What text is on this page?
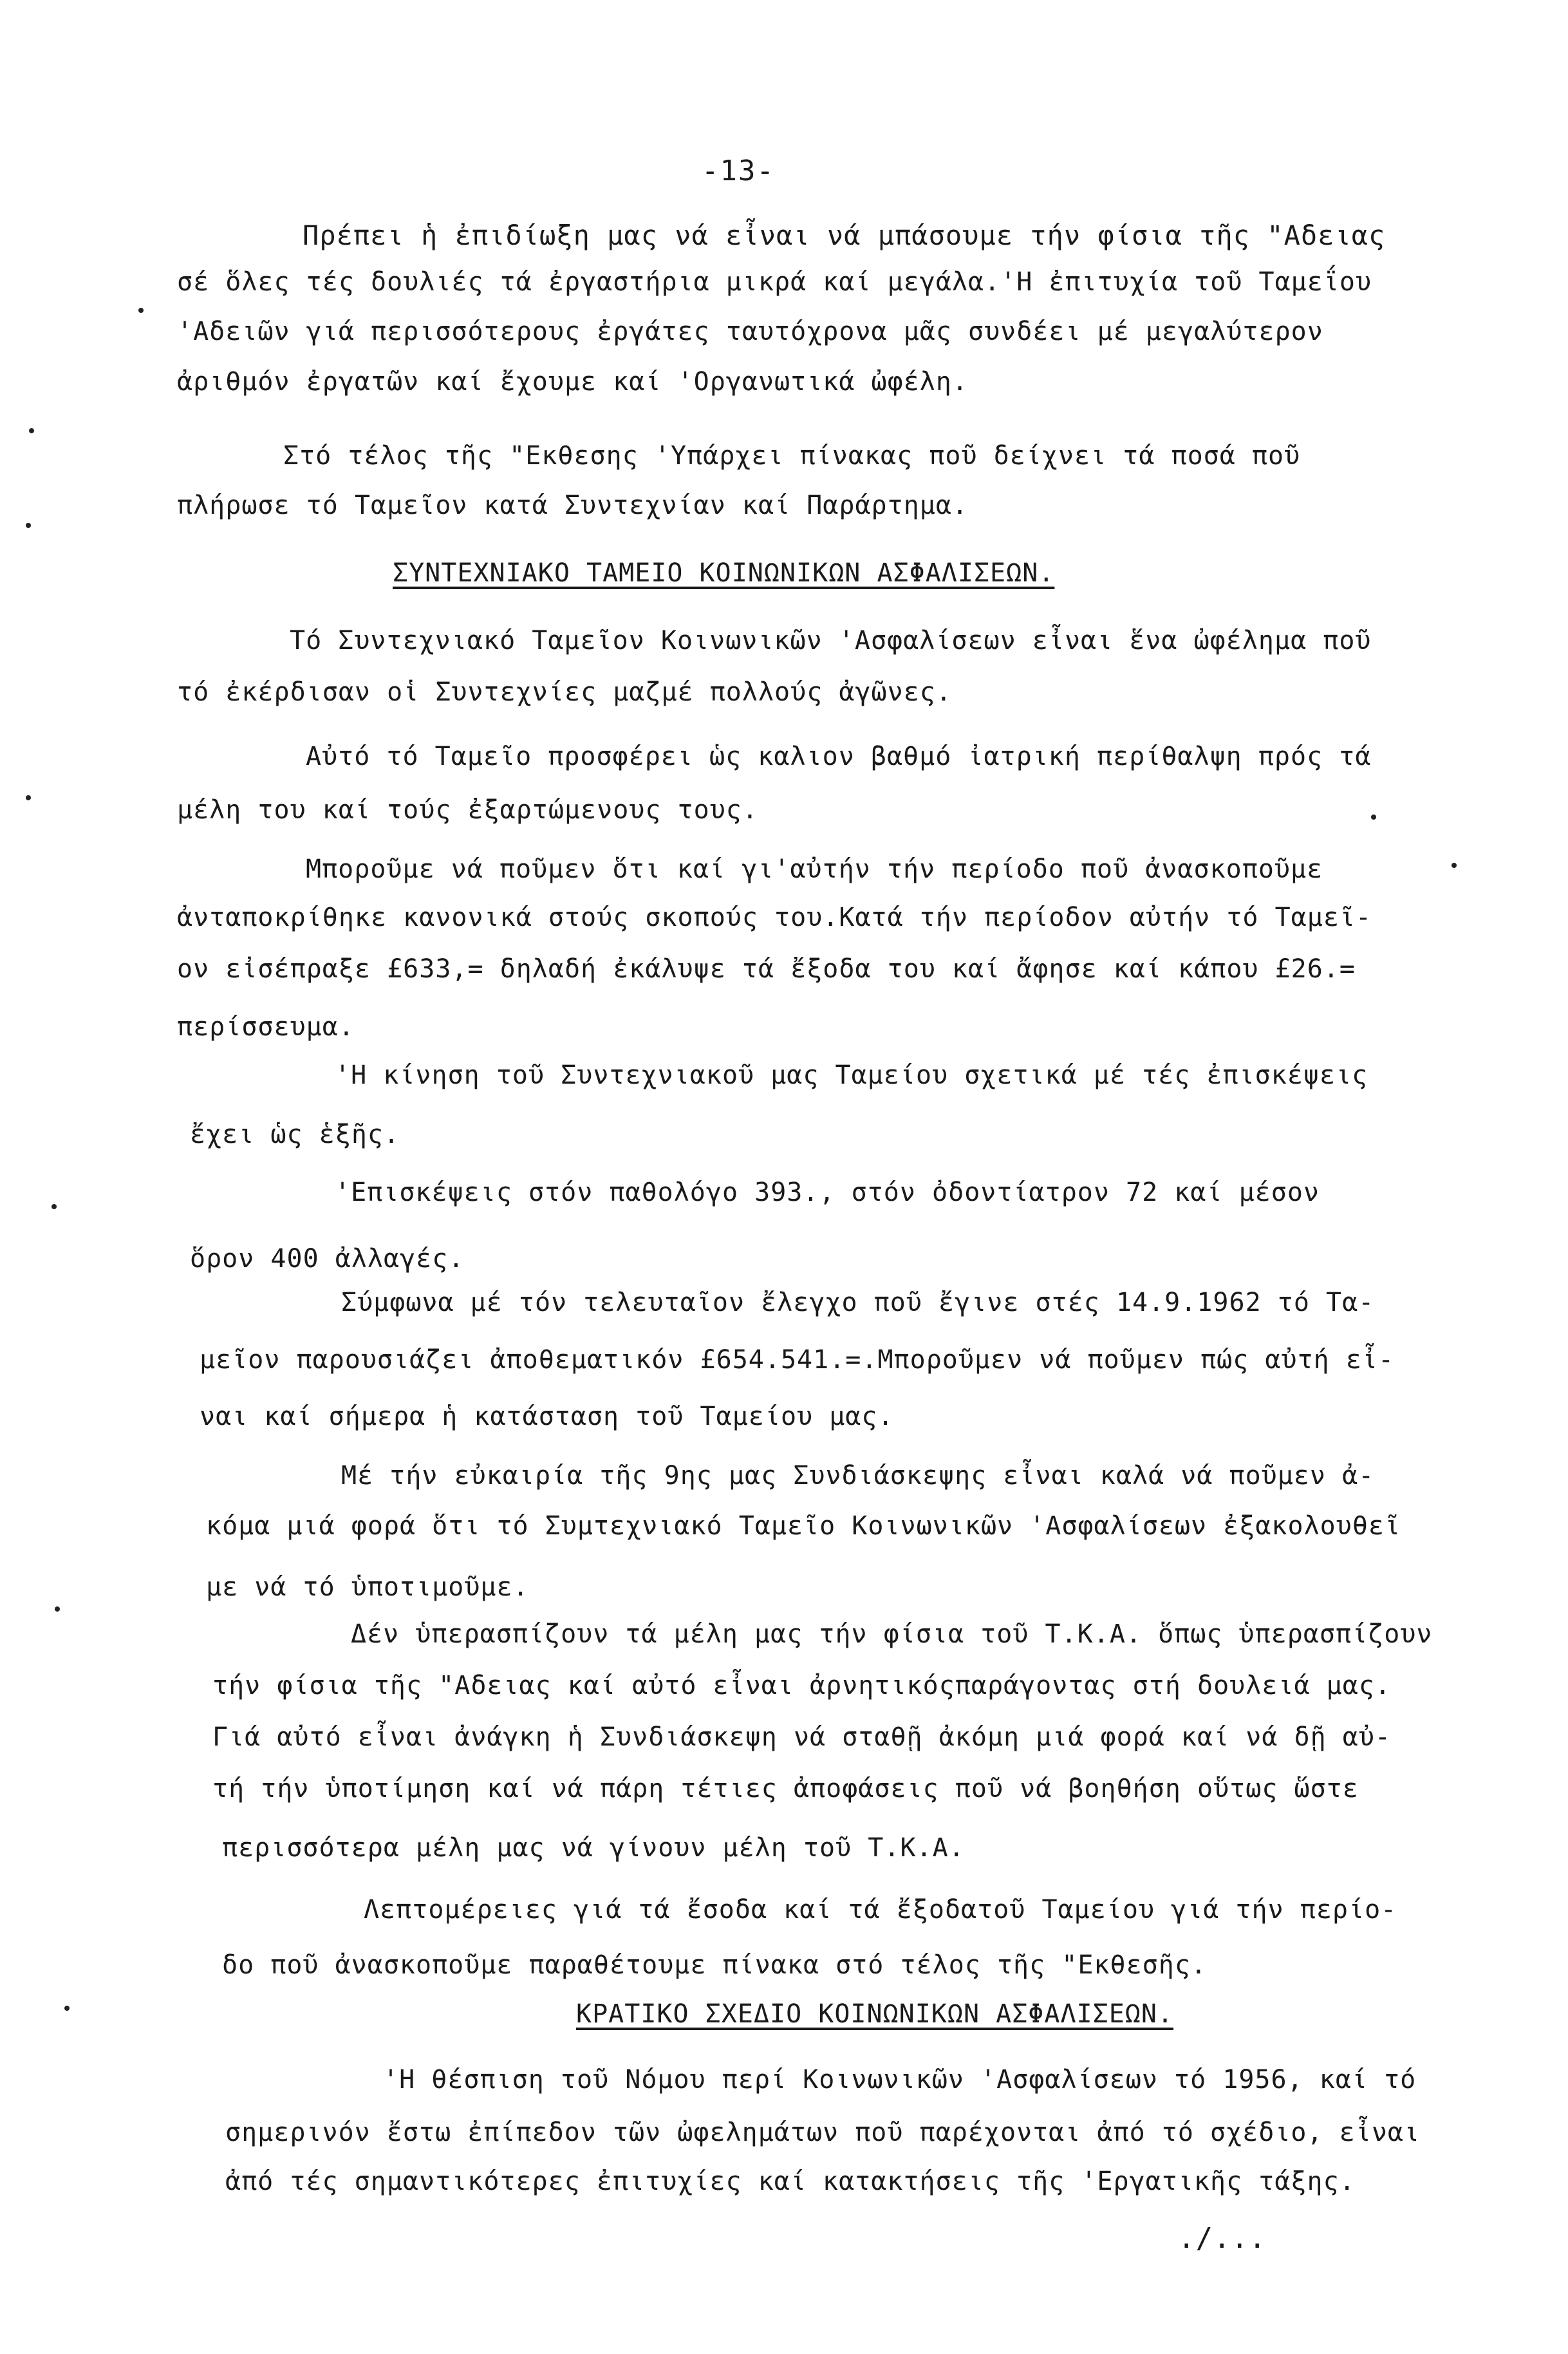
-13-
Πρέπει ἡ ἐπιδίωξη μας νά εἶναι νά μπάσουμε τήν φίσια τῆς "Αδειας
σέ ὅλες τές δουλιές τά ἐργαστήρια μικρά καί μεγάλα.'Η ἐπιτυχία τοῦ Ταμεΐου
'Αδειῶν γιά περισσότερους ἐργάτες ταυτόχρονα μᾶς συνδέει μέ μεγαλύτερον
ἀριθμόν ἐργατῶν καί ἔχουμε καί 'Οργανωτικά ὠφέλη.
Στό τέλος τῆς "Εκθεσης 'Υπάρχει πίνακας ποῦ δείχνει τά ποσά ποῦ
πλήρωσε τό Ταμεῖον κατά Συντεχνίαν καί Παράρτημα.
ΣΥΝΤΕΧΝΙΑΚΟ ΤΑΜΕΙΟ ΚΟΙΝΩΝΙΚΩΝ ΑΣΦΑΛΙΣΕΩΝ.
Τό Συντεχνιακό Ταμεῖον Κοινωνικῶν 'Ασφαλίσεων εἶναι ἕνα ὠφέλημα ποῦ
τό ἐκέρδισαν οἱ Συντεχνίες μαζμέ πολλούς ἀγῶνες.
Αὐτό τό Ταμεῖο προσφέρει ὡς καλιον βαθμό ἰατρική περίθαλψη πρός τά
μέλη του καί τούς ἐξαρτώμενους τους.
Μποροῦμε νά ποῦμεν ὅτι καί γι'αὐτήν τήν περίοδο ποῦ ἀνασκοποῦμε
ἀνταποκρίθηκε κανονικά στούς σκοπούς του.Κατά τήν περίοδον αὐτήν τό Ταμεῖ-
ον εἰσέπραξε £633,= δηλαδή ἐκάλυψε τά ἔξοδα του καί ἄφησε καί κάπου £26.=
περίσσευμα.
'Η κίνηση τοῦ Συντεχνιακοῦ μας Ταμείου σχετικά μέ τές ἐπισκέψεις
ἔχει ὡς ἑξῆς.
'Επισκέψεις στόν παθολόγο 393., στόν ὀδοντίατρον 72 καί μέσον
ὅρον 400 ἀλλαγές.
Σύμφωνα μέ τόν τελευταῖον ἔλεγχο ποῦ ἔγινε στές 14.9.1962 τό Τα-
μεῖον παρουσιάζει ἀποθεματικόν £654.541.=.Μποροῦμεν νά ποῦμεν πώς αὐτή εἶ-
ναι καί σήμερα ἡ κατάσταση τοῦ Ταμείου μας.
Μέ τήν εὐκαιρία τῆς 9ης μας Συνδιάσκεψης εἶναι καλά νά ποῦμεν ἀ-
κόμα μιά φορά ὅτι τό Συμτεχνιακό Ταμεῖο Κοινωνικῶν 'Ασφαλίσεων ἐξακολουθεῖ
με νά τό ὑποτιμοῦμε.
Δέν ὑπερασπίζουν τά μέλη μας τήν φίσια τοῦ Τ.Κ.Α. ὅπως ὑπερασπίζουν
τήν φίσια τῆς "Αδειας καί αὐτό εἶναι ἀρνητικόςπαράγοντας στή δουλειά μας.
Γιά αὐτό εἶναι ἀνάγκη ἡ Συνδιάσκεψη νά σταθῇ ἀκόμη μιά φορά καί νά δῇ αὐ-
τή τήν ὑποτίμηση καί νά πάρη τέτιες ἀποφάσεις ποῦ νά βοηθήση οὕτως ὥστε
περισσότερα μέλη μας νά γίνουν μέλη τοῦ Τ.Κ.Α.
Λεπτομέρειες γιά τά ἔσοδα καί τά ἔξοδατοῦ Ταμείου γιά τήν περίο-
δο ποῦ ἀνασκοποῦμε παραθέτουμε πίνακα στό τέλος τῆς "Εκθεσῆς.
ΚΡΑΤΙΚΟ ΣΧΕΔΙΟ ΚΟΙΝΩΝΙΚΩΝ ΑΣΦΑΛΙΣΕΩΝ.
'Η θέσπιση τοῦ Νόμου περί Κοινωνικῶν 'Ασφαλίσεων τό 1956, καί τό
σημερινόν ἔστω ἐπίπεδον τῶν ὠφελημάτων ποῦ παρέχονται ἀπό τό σχέδιο, εἶναι
ἀπό τές σημαντικότερες ἐπιτυχίες καί κατακτήσεις τῆς 'Εργατικῆς τάξης.
./...
